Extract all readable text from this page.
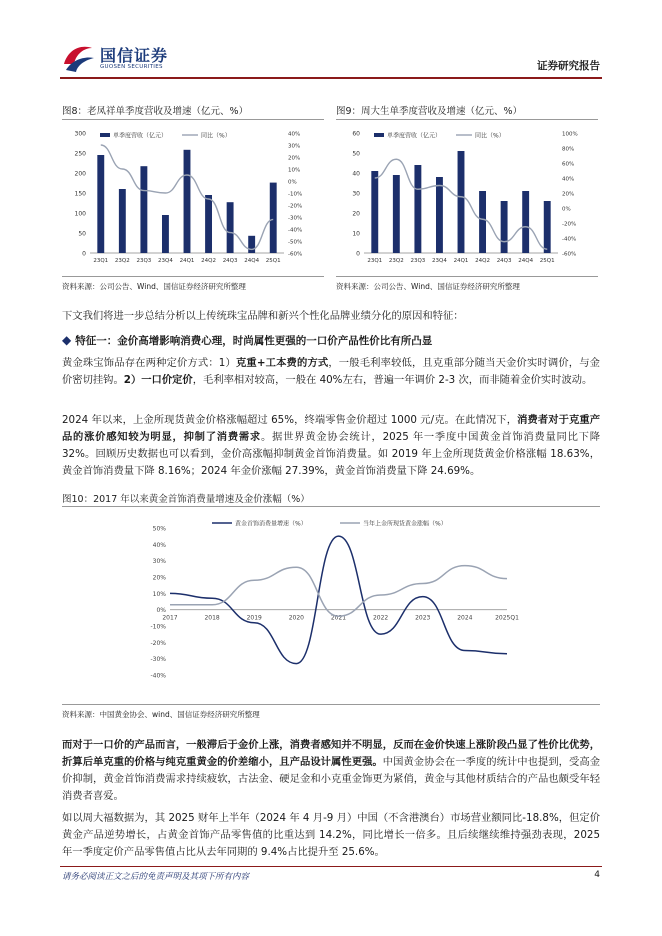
国信证券
GUOSEN SECURITIES	证券研究报告
图8：老凤祥单季度营收及增速（亿元、%）
0
50
100
150
200
250
300
-60%
-50%
-40%
-30%
-20%
-10%
0%
10%
20%
30%
40%
23Q1 23Q2 23Q3 23Q4 24Q1 24Q2 24Q3 24Q4 25Q1
单季度营收（亿元）	同比（%）
资料来源：公司公告、Wind、国信证券经济研究所整理
图9：周大生单季度营收及增速（亿元、%）
0
10
20
30
40
50
60
-60%
-40%
-20%
0%
20%
40%
60%
80%
100%
23Q1 23Q2 23Q3 23Q4 24Q1 24Q2 24Q3 24Q4 25Q1
单季度营收（亿元）	同比（%）
资料来源：公司公告、Wind、国信证券经济研究所整理
下文我们将进一步总结分析以上传统珠宝品牌和新兴个性化品牌业绩分化的原因和特征：
◆ 特征一：金价高增影响消费心理，时尚属性更强的一口价产品性价比有所凸显
黄金珠宝饰品存在两种定价方式：1）克重+工本费的方式，一般毛利率较低，且克重部分随当天金价实时调价，与金价密切挂钩。2）一口价定价，毛利率相对较高，一般在 40%左右，普遍一年调价 2-3 次，而非随着金价实时波动。
2024 年以来，上金所现货黄金价格涨幅超过 65%，终端零售金价超过 1000 元/克。在此情况下，消费者对于克重产品的涨价感知较为明显，抑制了消费需求。据世界黄金协会统计，2025 年一季度中国黄金首饰消费量同比下降 32%。回顾历史数据也可以看到，金价高涨幅抑制黄金首饰消费量。如 2019 年上金所现货黄金价格涨幅 18.63%，黄金首饰消费量下降 8.16%；2024 年金价涨幅 27.39%，黄金首饰消费量下降 24.69%。
图10：2017 年以来黄金首饰消费量增速及金价涨幅（%）
-40%
-30%
-20%
-10%
0%
10%
20%
30%
40%
50%
2017	2018	2019	2020	2021	2022	2023	2024	2025Q1
黄金首饰消费量增速（%）	当年上金所现货黄金涨幅（%）
资料来源：中国黄金协会、wind、国信证券经济研究所整理
而对于一口价的产品而言，一般滞后于金价上涨，消费者感知并不明显，反而在金价快速上涨阶段凸显了性价比优势，折算后单克重的价格与纯克重黄金的价差缩小，且产品设计属性更强。中国黄金协会在一季度的统计中也提到，受高金价抑制，黄金首饰消费需求持续疲软，古法金、硬足金和小克重金饰更为紧俏，黄金与其他材质结合的产品也颇受年轻消费者喜爱。
如以周大福数据为，其 2025 财年上半年（2024 年 4 月-9 月）中国（不含港澳台）市场营业额同比-18.8%，但定价黄金产品逆势增长，占黄金首饰产品零售值的比重达到 14.2%，同比增长一倍多。且后续继续维持强劲表现，2025 年一季度定价产品零售值占比从去年同期的 9.4%占比提升至 25.6%。
请务必阅读正文之后的免责声明及其项下所有内容	4
